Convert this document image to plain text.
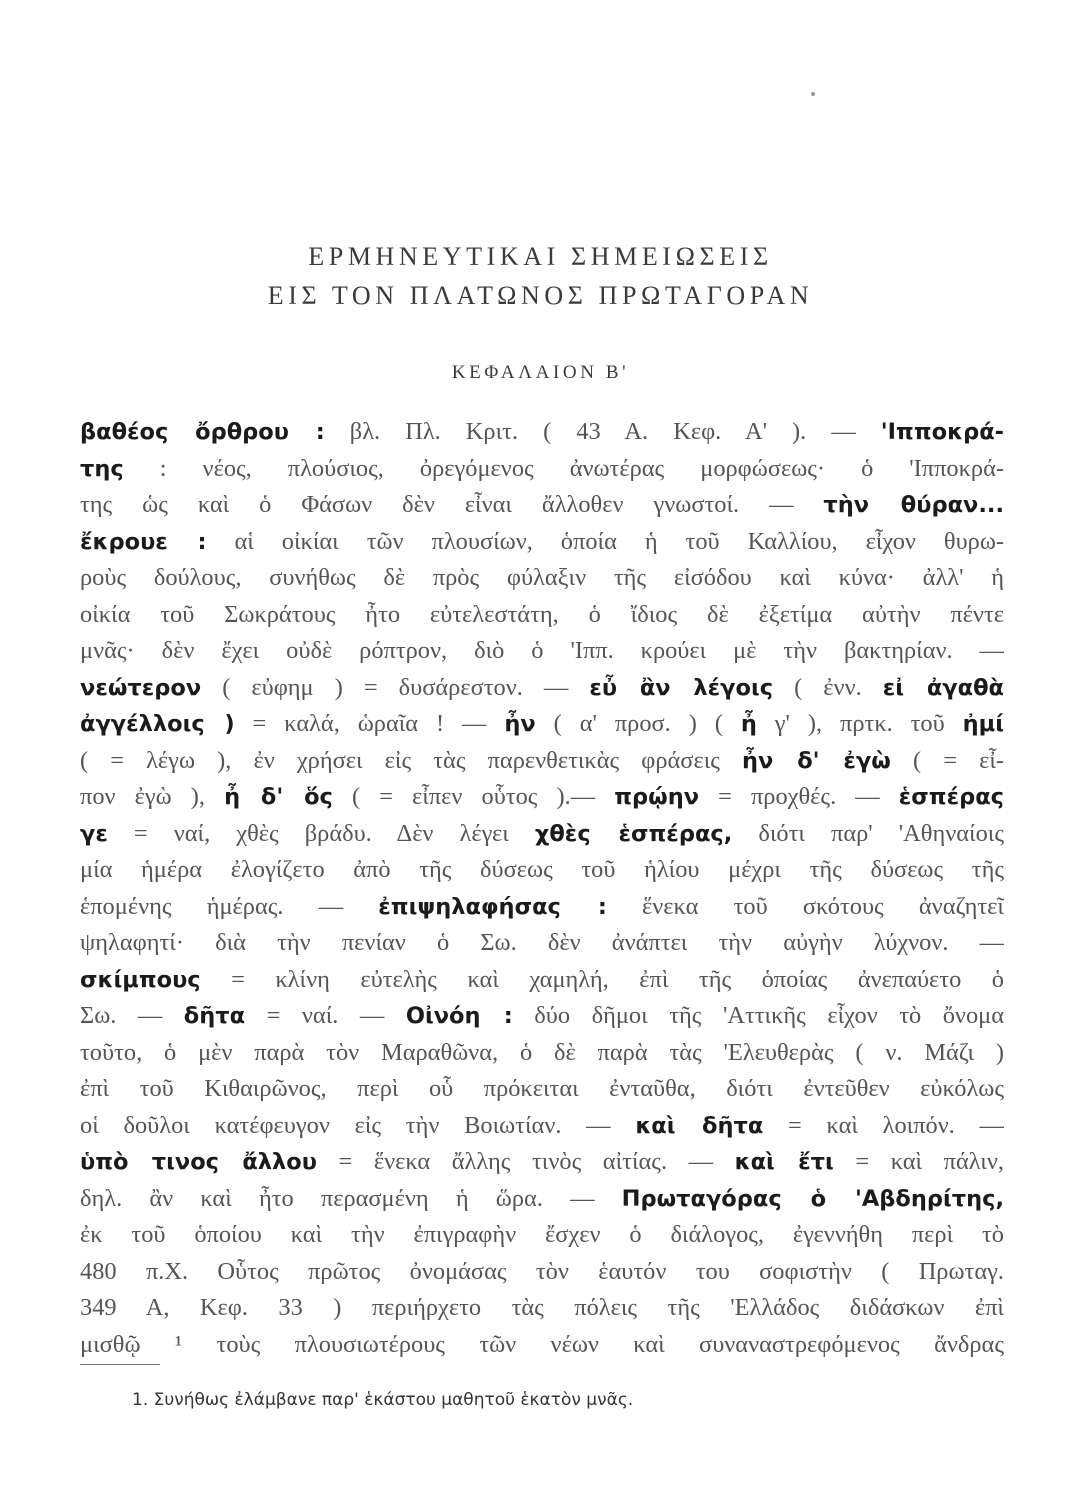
ΕΡΜΗΝΕΥΤΙΚΑΙ ΣΗΜΕΙΩΣΕΙΣ
ΕΙΣ ΤΟΝ ΠΛΑΤΩΝΟΣ ΠΡΩΤΑΓΟΡΑΝ
ΚΕΦΑΛΑΙΟΝ Β'
βαθέος ὄρθρου : βλ. Πλ. Κριτ. ( 43 Α. Κεφ. Α' ). — 'Ιπποκρά-
της : νέος, πλούσιος, ὀρεγόμενος ἀνωτέρας μορφώσεως· ὁ 'Ιπποκρά-
της ὡς καὶ ὁ Φάσων δὲν εἶναι ἄλλοθεν γνωστοί. — τὴν θύραν...
ἔκρουε : αἱ οἰκίαι τῶν πλουσίων, ὁποία ἡ τοῦ Καλλίου, εἶχον θυρω-
ροὺς δούλους, συνήθως δὲ πρὸς φύλαξιν τῆς εἰσόδου καὶ κύνα· ἀλλ' ἡ
οἰκία τοῦ Σωκράτους ἦτο εὐτελεστάτη, ὁ ἴδιος δὲ ἐξετίμα αὐτὴν πέντε
μνᾶς· δὲν ἔχει οὐδὲ ρόπτρον, διὸ ὁ 'Ιππ. κρούει μὲ τὴν βακτηρίαν. —
νεώτερον ( εὐφημ ) = δυσάρεστον. — εὖ ἂν λέγοις ( ἐνν. εἰ ἀγαθὰ
ἀγγέλλοις ) = καλά, ὡραῖα ! — ἦν ( α' προσ. ) ( ἦ γ' ), πρτκ. τοῦ ἠμί
( = λέγω ), ἐν χρήσει εἰς τὰς παρενθετικὰς φράσεις ἦν δ' ἐγὼ ( = εἶ-
πον ἐγὼ ), ἦ δ' ὅς ( = εἶπεν οὗτος ).— πρῴην = προχθές. — ἑσπέρας
γε = ναί, χθὲς βράδυ. Δὲν λέγει χθὲς ἑσπέρας, διότι παρ' 'Αθηναίοις
μία ἡμέρα ἐλογίζετο ἀπὸ τῆς δύσεως τοῦ ἡλίου μέχρι τῆς δύσεως τῆς
ἑπομένης ἡμέρας. — ἐπιψηλαφήσας : ἕνεκα τοῦ σκότους ἀναζητεῖ
ψηλαφητί· διὰ τὴν πενίαν ὁ Σω. δὲν ἀνάπτει τὴν αὐγὴν λύχνον. —
σκίμπους = κλίνη εὐτελὴς καὶ χαμηλή, ἐπὶ τῆς ὁποίας ἀνεπαύετο ὁ
Σω. — δῆτα = ναί. — Οἰνόη : δύο δῆμοι τῆς 'Αττικῆς εἶχον τὸ ὄνομα
τοῦτο, ὁ μὲν παρὰ τὸν Μαραθῶνα, ὁ δὲ παρὰ τὰς 'Ελευθερὰς ( ν. Μάζι )
ἐπὶ τοῦ Κιθαιρῶνος, περὶ οὗ πρόκειται ἐνταῦθα, διότι ἐντεῦθεν εὐκόλως
οἱ δοῦλοι κατέφευγον εἰς τὴν Βοιωτίαν. — καὶ δῆτα = καὶ λοιπόν. —
ὑπὸ τινος ἄλλου = ἕνεκα ἄλλης τινὸς αἰτίας. — καὶ ἔτι = καὶ πάλιν,
δηλ. ἂν καὶ ἦτο περασμένη ἡ ὥρα. — Πρωταγόρας ὁ 'Αβδηρίτης,
ἐκ τοῦ ὁποίου καὶ τὴν ἐπιγραφὴν ἔσχεν ὁ διάλογος, ἐγεννήθη περὶ τὸ
480 π.Χ. Οὗτος πρῶτος ὀνομάσας τὸν ἑαυτόν του σοφιστὴν ( Πρωταγ.
349 Α, Κεφ. 33 ) περιήρχετο τὰς πόλεις τῆς 'Ελλάδος διδάσκων ἐπὶ
μισθῷ ¹ τοὺς πλουσιωτέρους τῶν νέων καὶ συναναστρεφόμενος ἄνδρας
1. Συνήθως ἐλάμβανε παρ' ἑκάστου μαθητοῦ ἑκατὸν μνᾶς.
